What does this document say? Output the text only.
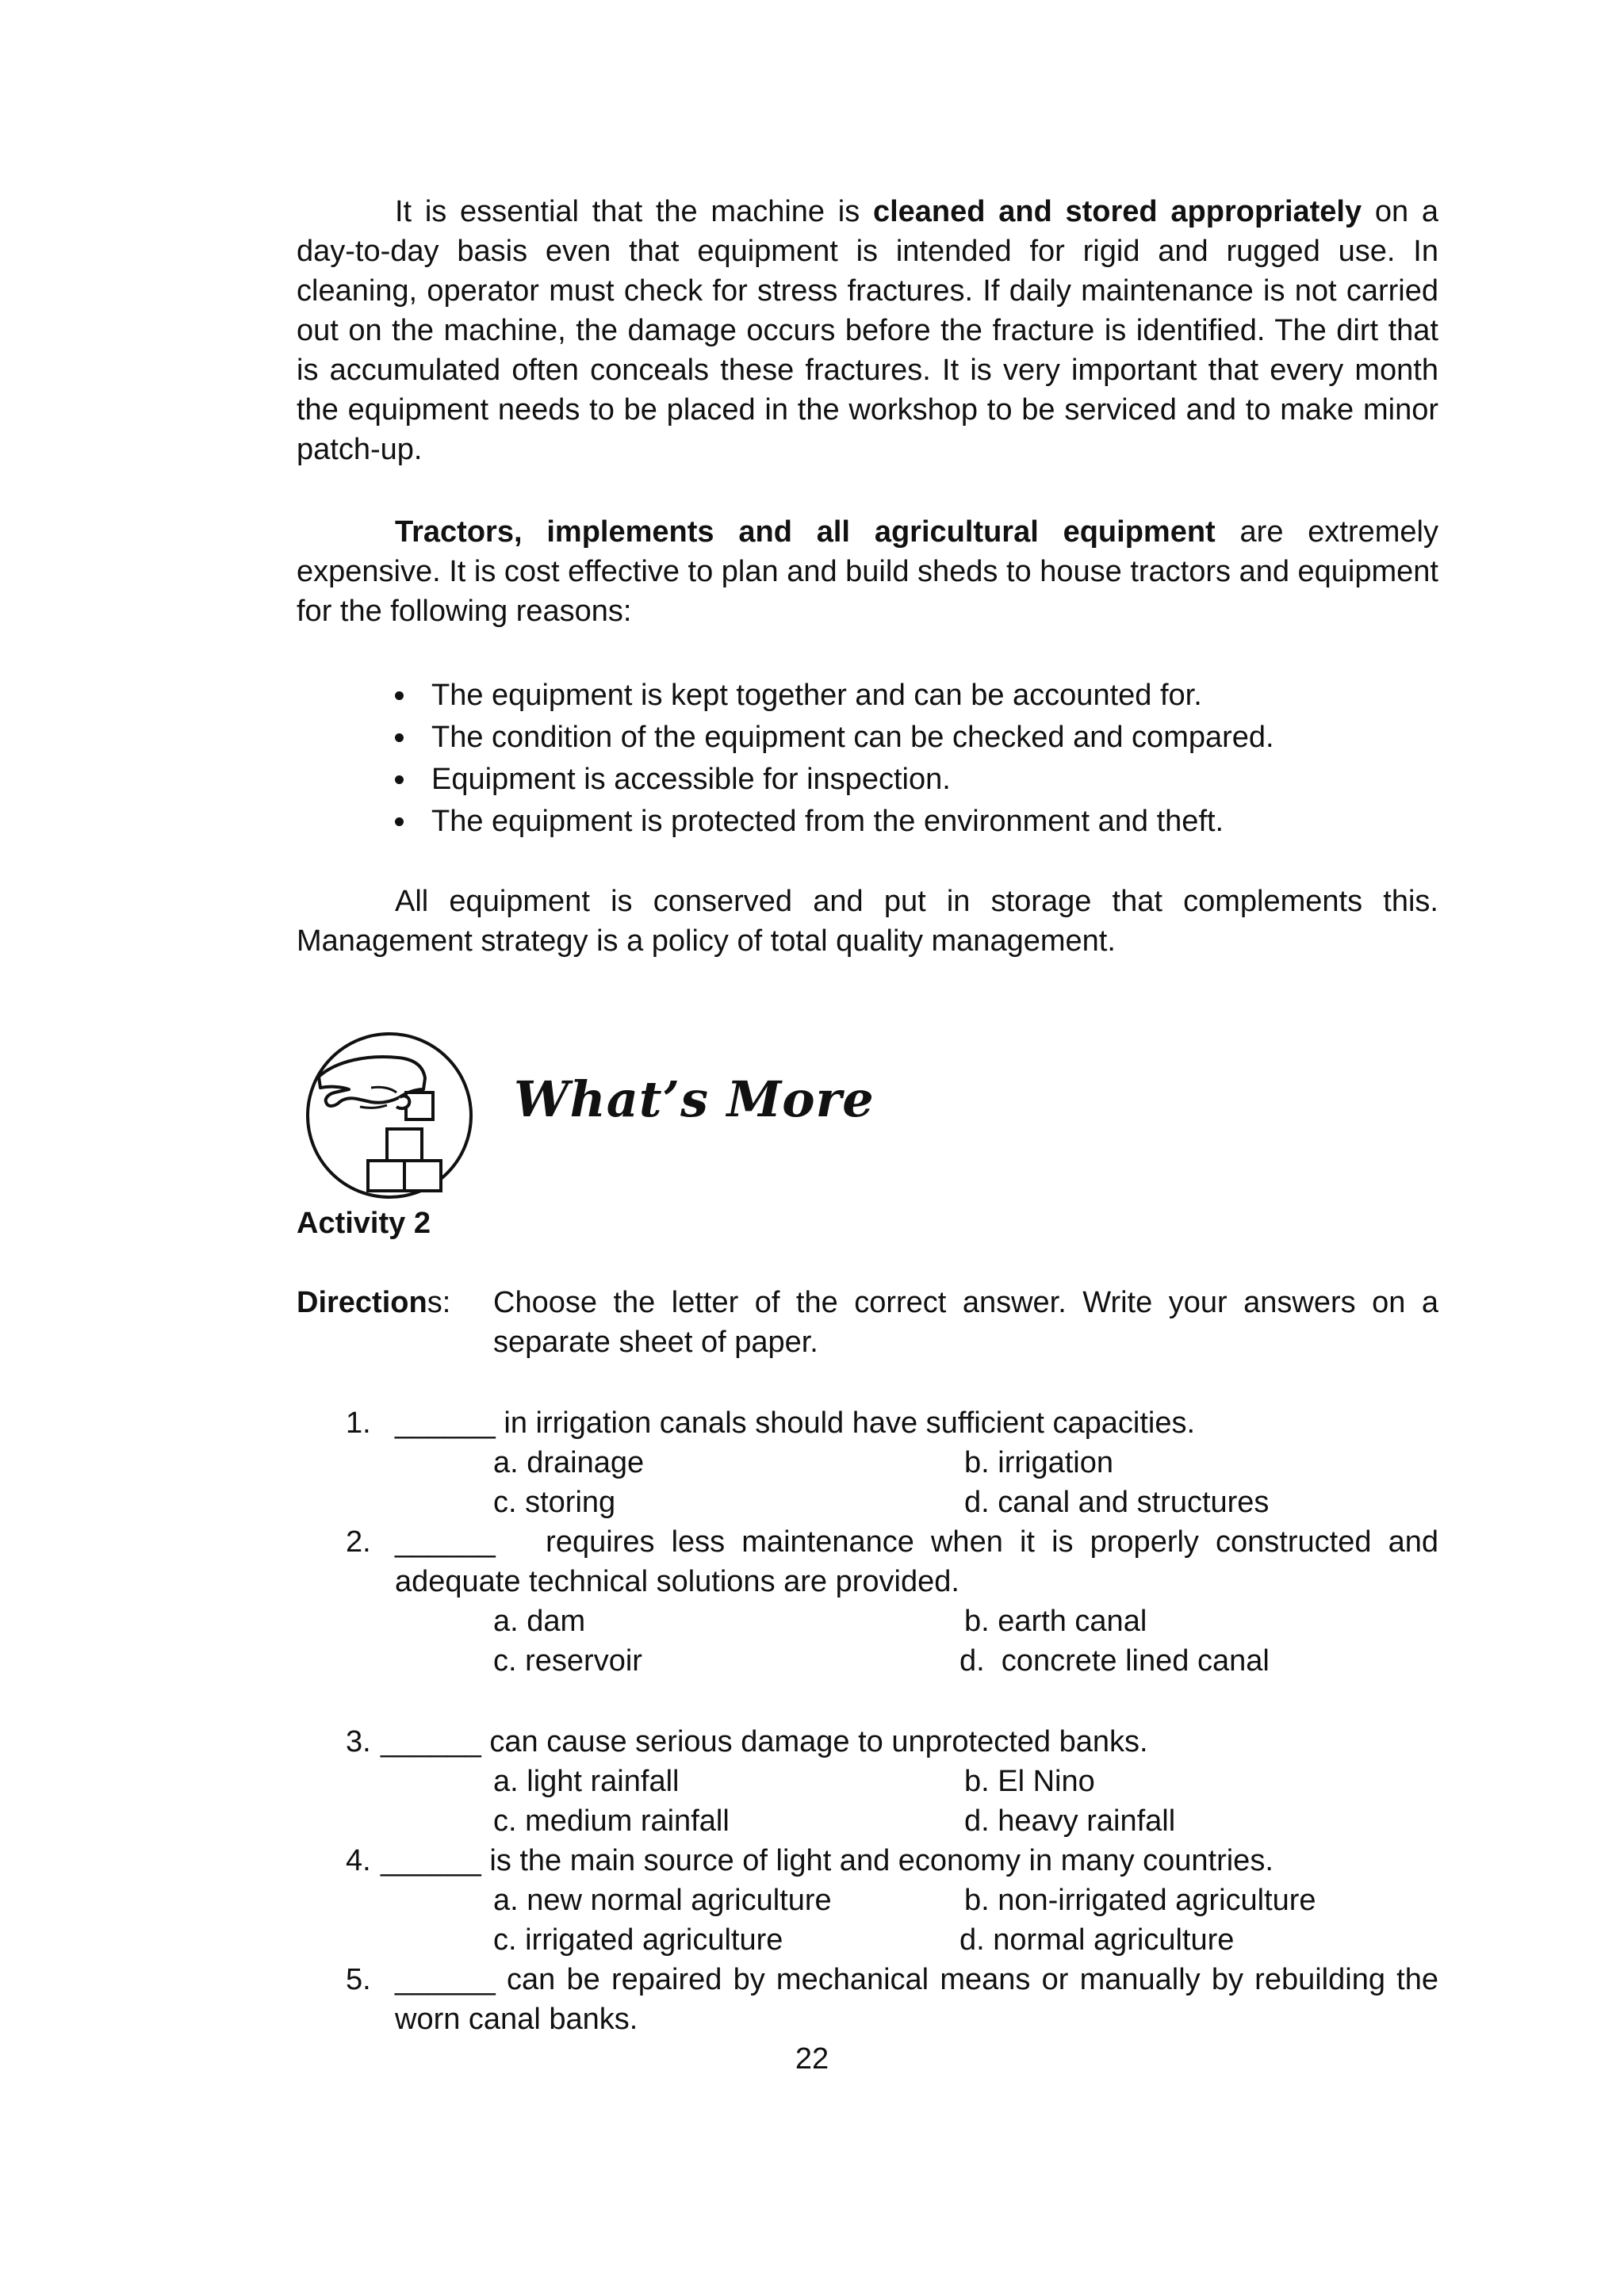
It is essential that the machine is cleaned and stored appropriately on a day-to-day basis even that equipment is intended for rigid and rugged use. In cleaning, operator must check for stress fractures. If daily maintenance is not carried out on the machine, the damage occurs before the fracture is identified. The dirt that is accumulated often conceals these fractures. It is very important that every month the equipment needs to be placed in the workshop to be serviced and to make minor patch-up.

Tractors, implements and all agricultural equipment are extremely expensive. It is cost effective to plan and build sheds to house tractors and equipment for the following reasons:

The equipment is kept together and can be accounted for.
The condition of the equipment can be checked and compared.
Equipment is accessible for inspection.
The equipment is protected from the environment and theft.

All equipment is conserved and put in storage that complements this. Management strategy is a policy of total quality management.

What’s More
Activity 2
Directions: Choose the letter of the correct answer. Write your answers on a separate sheet of paper.
1. ______ in irrigation canals should have sufficient capacities.
a. drainage	b. irrigation
c. storing	d. canal and structures
2. ______   requires less maintenance when it is properly constructed and adequate technical solutions are provided.
a. dam	b. earth canal
c. reservoir	d.  concrete lined canal
3. ______ can cause serious damage to unprotected banks.
a. light rainfall	b. El Nino
c. medium rainfall	d. heavy rainfall
4. ______ is the main source of light and economy in many countries.
a. new normal agriculture	b. non-irrigated agriculture
c. irrigated agriculture	d. normal agriculture
5. ______ can be repaired by mechanical means or manually by rebuilding the worn canal banks.
22
